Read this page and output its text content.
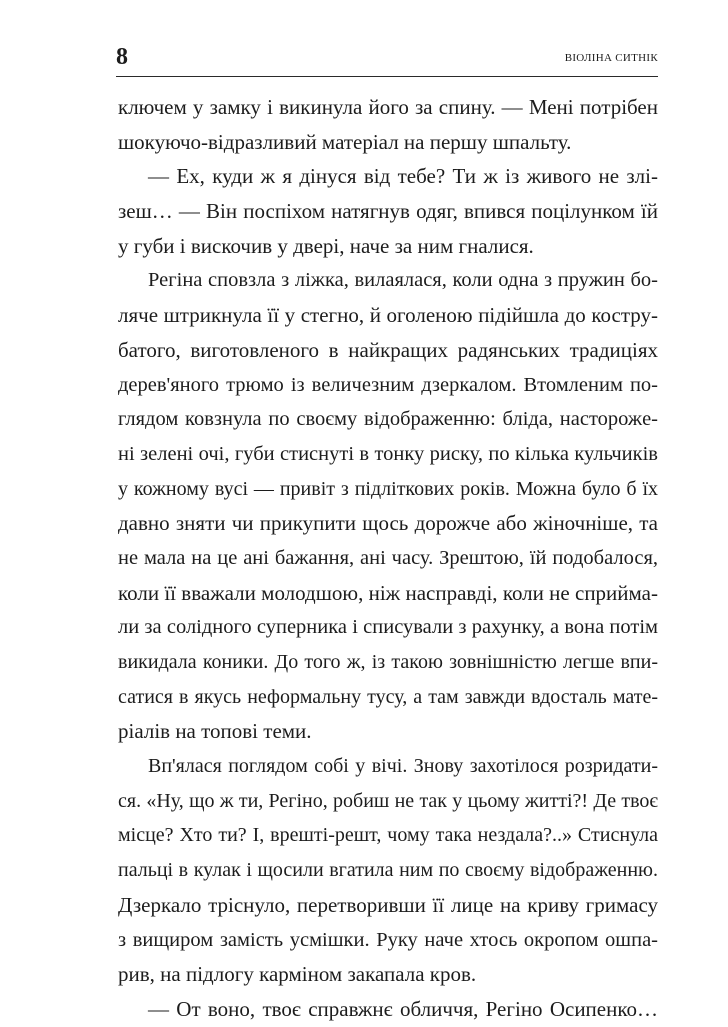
8	ВІОЛІНА СИТНІК
ключем у замку і викинула його за спину. — Мені потрібен
шокуючо-відразливий матеріал на першу шпальту.
— Ех, куди ж я дінуся від тебе? Ти ж із живого не злі-
зеш… — Він поспіхом натягнув одяг, впився поцілунком їй
у губи і вискочив у двері, наче за ним гналися.
Регіна сповзла з ліжка, вилаялася, коли одна з пружин бо-
ляче штрикнула її у стегно, й оголеною підійшла до костру-
батого, виготовленого в найкращих радянських традиціях
дерев'яного трюмо із величезним дзеркалом. Втомленим по-
глядом ковзнула по своєму відображенню: бліда, насторожe-
ні зелені очі, губи стиснуті в тонку риску, по кілька кульчиків
у кожному вусі — привіт з підліткових років. Можна було б їх
давно зняти чи прикупити щось дорожче або жіночніше, та
не мала на це ані бажання, ані часу. Зрештою, їй подобалося,
коли її вважали молодшою, ніж насправді, коли не сприйма-
ли за солідного суперника і списували з рахунку, а вона потім
викидала коники. До того ж, із такою зовнішністю легше впи-
сатися в якусь неформальну тусу, а там завжди вдосталь мате-
ріалів на топові теми.
Вп'ялася поглядом собі у вічі. Знову захотілося розридати-
ся. «Ну, що ж ти, Регіно, робиш не так у цьому житті?! Де твоє
місце? Хто ти? І, врешті-решт, чому така нездала?..» Стиснула
пальці в кулак і щосили вгатила ним по своєму відображенню.
Дзеркало тріснуло, перетворивши її лице на криву гримасу
з вищиром замість усмішки. Руку наче хтось окропом ошпа-
рив, на підлогу карміном закапала кров.
— От воно, твоє справжнє обличчя, Регіно Осипенко…
